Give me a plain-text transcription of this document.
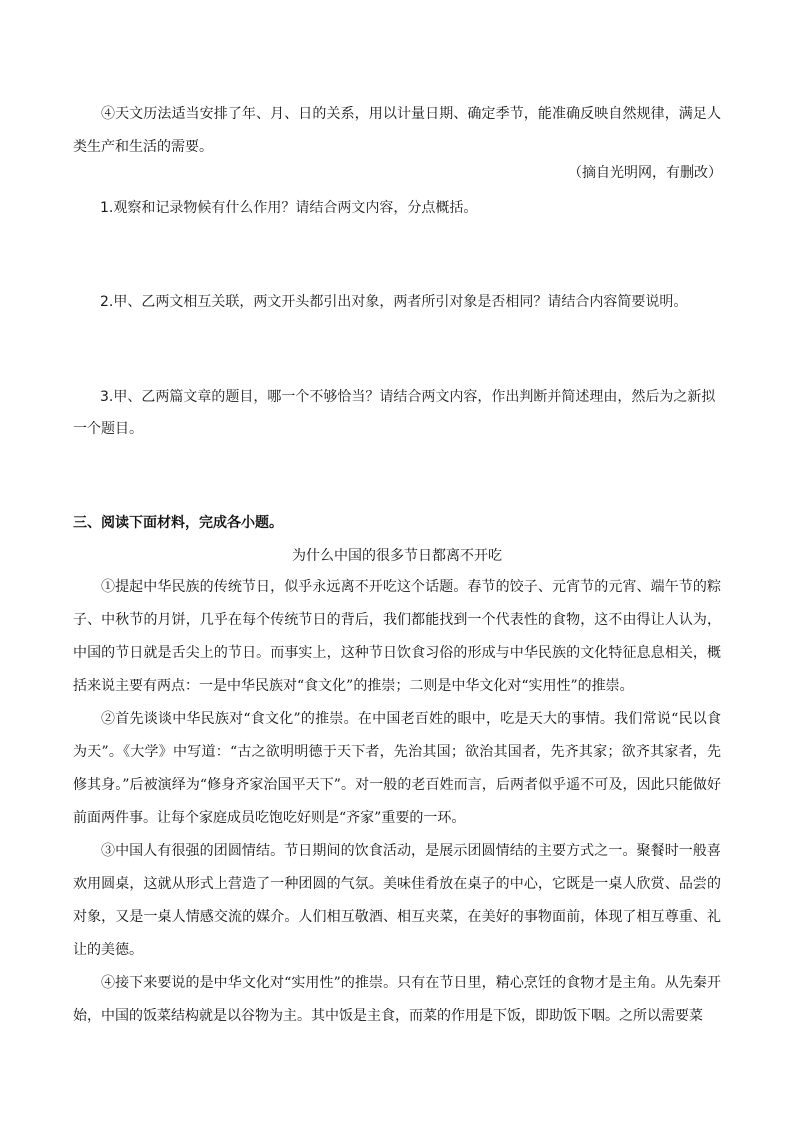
④天文历法适当安排了年、月、日的关系，用以计量日期、确定季节，能准确反映自然规律，满足人类生产和生活的需要。

（摘自光明网，有删改）

1.观察和记录物候有什么作用？请结合两文内容，分点概括。
2.甲、乙两文相互关联，两文开头都引出对象，两者所引对象是否相同？请结合内容简要说明。
3.甲、乙两篇文章的题目，哪一个不够恰当？请结合两文内容，作出判断并简述理由，然后为之新拟
一个题目。

三、阅读下面材料，完成各小题。

为什么中国的很多节日都离不开吃

①提起中华民族的传统节日，似乎永远离不开吃这个话题。春节的饺子、元宵节的元宵、端午节的粽子、中秋节的月饼，几乎在每个传统节日的背后，我们都能找到一个代表性的食物，这不由得让人认为，中国的节日就是舌尖上的节日。而事实上，这种节日饮食习俗的形成与中华民族的文化特征息息相关，概括来说主要有两点：一是中华民族对“食文化”的推崇；二则是中华文化对“实用性”的推崇。

②首先谈谈中华民族对“食文化”的推崇。在中国老百姓的眼中，吃是天大的事情。我们常说“民以食为天”。《大学》中写道：“古之欲明明德于天下者，先治其国；欲治其国者，先齐其家；欲齐其家者，先修其身。”后被演绎为“修身齐家治国平天下”。对一般的老百姓而言，后两者似乎遥不可及，因此只能做好前面两件事。让每个家庭成员吃饱吃好则是“齐家”重要的一环。

③中国人有很强的团圆情结。节日期间的饮食活动，是展示团圆情结的主要方式之一。聚餐时一般喜欢用圆桌，这就从形式上营造了一种团圆的气氛。美味佳肴放在桌子的中心，它既是一桌人欣赏、品尝的对象，又是一桌人情感交流的媒介。人们相互敬酒、相互夹菜，在美好的事物面前，体现了相互尊重、礼让的美德。

④接下来要说的是中华文化对“实用性”的推崇。只有在节日里，精心烹饪的食物才是主角。从先秦开始，中国的饭菜结构就是以谷物为主。其中饭是主食，而菜的作用是下饭，即助饭下咽。之所以需要菜
